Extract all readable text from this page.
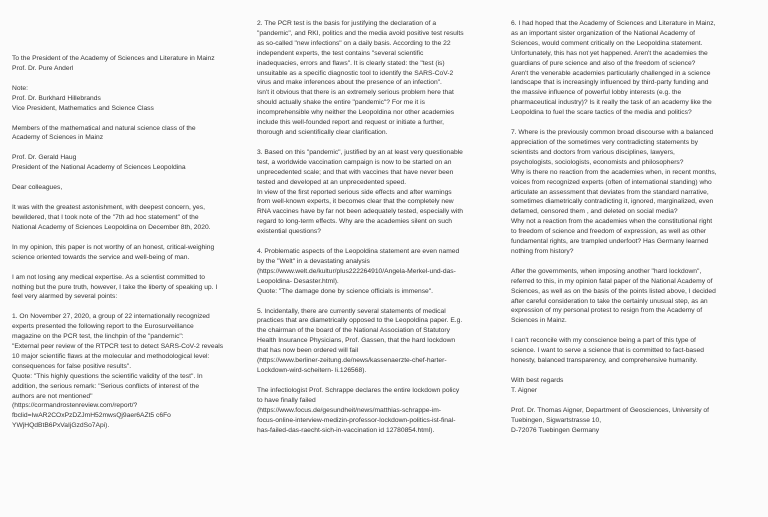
To the President of the Academy of Sciences and Literature in Mainz
Prof. Dr. Pure Anderl

Note:
Prof. Dr. Burkhard Hillebrands
Vice President, Mathematics and Science Class

Members of the mathematical and natural science class of the
Academy of Sciences in Mainz

Prof. Dr. Gerald Haug
President of the National Academy of Sciences Leopoldina

Dear colleagues,

It was with the greatest astonishment, with deepest concern, yes,
bewildered, that I took note of the "7th ad hoc statement" of the
National Academy of Sciences Leopoldina on December 8th, 2020.

In my opinion, this paper is not worthy of an honest, critical-weighing
science oriented towards the service and well-being of man.

I am not losing any medical expertise. As a scientist committed to
nothing but the pure truth, however, I take the liberty of speaking up. I
feel very alarmed by several points:

1. On November 27, 2020, a group of 22 internationally recognized
experts presented the following report to the Eurosurveillance
magazine on the PCR test, the linchpin of the "pandemic":
"External peer review of the RTPCR test to detect SARS-CoV-2 reveals
10 major scientific flaws at the molecular and methodological level:
consequences for false positive results".
Quote: "This highly questions the scientific validity of the test". In
addition, the serious remark: "Serious conflicts of interest of the
authors are not mentioned"
(https://cormandrostenreview.com/report/?
fbclid=IwAR2COxPzDZJmH52mwsQj9aer6AZt5 c6Fo
YWjHQdBtB6PxVaIjGzdSo7Api).

2. The PCR test is the basis for justifying the declaration of a
"pandemic", and RKI, politics and the media avoid positive test results
as so-called "new infections" on a daily basis. According to the 22
independent experts, the test contains "several scientific
inadequacies, errors and flaws". It is clearly stated: the "test (is)
unsuitable as a specific diagnostic tool to identify the SARS-CoV-2
virus and make inferences about the presence of an infection".
Isn't it obvious that there is an extremely serious problem here that
should actually shake the entire "pandemic"? For me it is
incomprehensible why neither the Leopoldina nor other academies
include this well-founded report and request or initiate a further,
thorough and scientifically clear clarification.

3. Based on this "pandemic", justified by an at least very questionable
test, a worldwide vaccination campaign is now to be started on an
unprecedented scale; and that with vaccines that have never been
tested and developed at an unprecedented speed.
In view of the first reported serious side effects and after warnings
from well-known experts, it becomes clear that the completely new
RNA vaccines have by far not been adequately tested, especially with
regard to long-term effects. Why are the academies silent on such
existential questions?

4. Problematic aspects of the Leopoldina statement are even named
by the "Welt" in a devastating analysis
(https://www.welt.de/kultur/plus222264910/Angela-Merkel-und-das-
Leopoldina- Desaster.html).
Quote: "The damage done by science officials is immense".

5. Incidentally, there are currently several statements of medical
practices that are diametrically opposed to the Leopoldina paper. E.g.
the chairman of the board of the National Association of Statutory
Health Insurance Physicians, Prof. Gassen, that the hard lockdown
that has now been ordered will fail
(https://www.berliner-zeitung.de/news/kassenaerzte-chef-harter-
Lockdown-wird-scheitern- li.126568).

The infectiologist Prof. Schrappe declares the entire lockdown policy
to have finally failed
(https://www.focus.de/gesundheit/news/matthias-schrappe-im-
focus-online-interview-medizin-professor-lockdown-politics-ist-final-
has-failed-das-raecht-sich-in-vaccination id 12780854.html).

6. I had hoped that the Academy of Sciences and Literature in Mainz,
as an important sister organization of the National Academy of
Sciences, would comment critically on the Leopoldina statement.
Unfortunately, this has not yet happened. Aren't the academies the
guardians of pure science and also of the freedom of science?
Aren't the venerable academies particularly challenged in a science
landscape that is increasingly influenced by third-party funding and
the massive influence of powerful lobby interests (e.g. the
pharmaceutical industry)? Is it really the task of an academy like the
Leopoldina to fuel the scare tactics of the media and politics?

7. Where is the previously common broad discourse with a balanced
appreciation of the sometimes very contradicting statements by
scientists and doctors from various disciplines, lawyers,
psychologists, sociologists, economists and philosophers?
Why is there no reaction from the academies when, in recent months,
voices from recognized experts (often of international standing) who
articulate an assessment that deviates from the standard narrative,
sometimes diametrically contradicting it, ignored, marginalized, even
defamed, censored them , and deleted on social media?
Why not a reaction from the academies when the constitutional right
to freedom of science and freedom of expression, as well as other
fundamental rights, are trampled underfoot? Has Germany learned
nothing from history?

After the governments, when imposing another "hard lockdown",
referred to this, in my opinion fatal paper of the National Academy of
Sciences, as well as on the basis of the points listed above, I decided
after careful consideration to take the certainly unusual step, as an
expression of my personal protest to resign from the Academy of
Sciences in Mainz.

I can't reconcile with my conscience being a part of this type of
science. I want to serve a science that is committed to fact-based
honesty, balanced transparency, and comprehensive humanity.

With best regards
T. Aigner

Prof. Dr. Thomas Aigner, Department of Geosciences, University of
Tuebingen, Sigwartstrasse 10,
D-72076 Tuebingen Germany
